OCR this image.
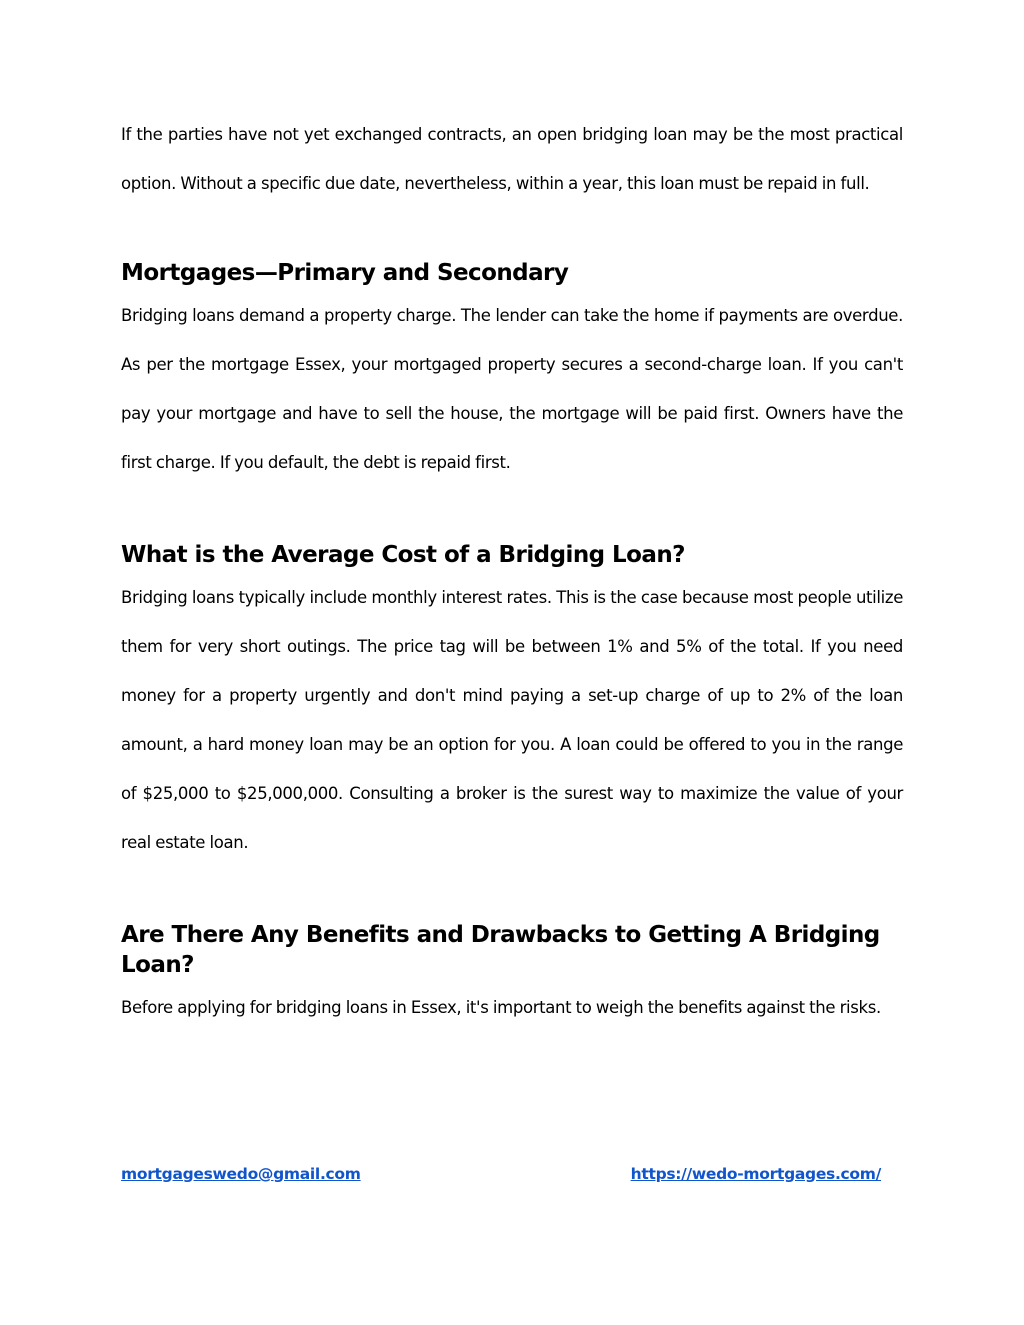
If the parties have not yet exchanged contracts, an open bridging loan may be the most practical option. Without a specific due date, nevertheless, within a year, this loan must be repaid in full.

Mortgages—Primary and Secondary

Bridging loans demand a property charge. The lender can take the home if payments are overdue. As per the mortgage Essex, your mortgaged property secures a second-charge loan. If you can't pay your mortgage and have to sell the house, the mortgage will be paid first. Owners have the first charge. If you default, the debt is repaid first.

What is the Average Cost of a Bridging Loan?

Bridging loans typically include monthly interest rates. This is the case because most people utilize them for very short outings. The price tag will be between 1% and 5% of the total. If you need money for a property urgently and don't mind paying a set-up charge of up to 2% of the loan amount, a hard money loan may be an option for you. A loan could be offered to you in the range of $25,000 to $25,000,000. Consulting a broker is the surest way to maximize the value of your real estate loan.

Are There Any Benefits and Drawbacks to Getting A Bridging Loan?

Before applying for bridging loans in Essex, it's important to weigh the benefits against the risks.

mortgageswedo@gmail.com	https://wedo-mortgages.com/
